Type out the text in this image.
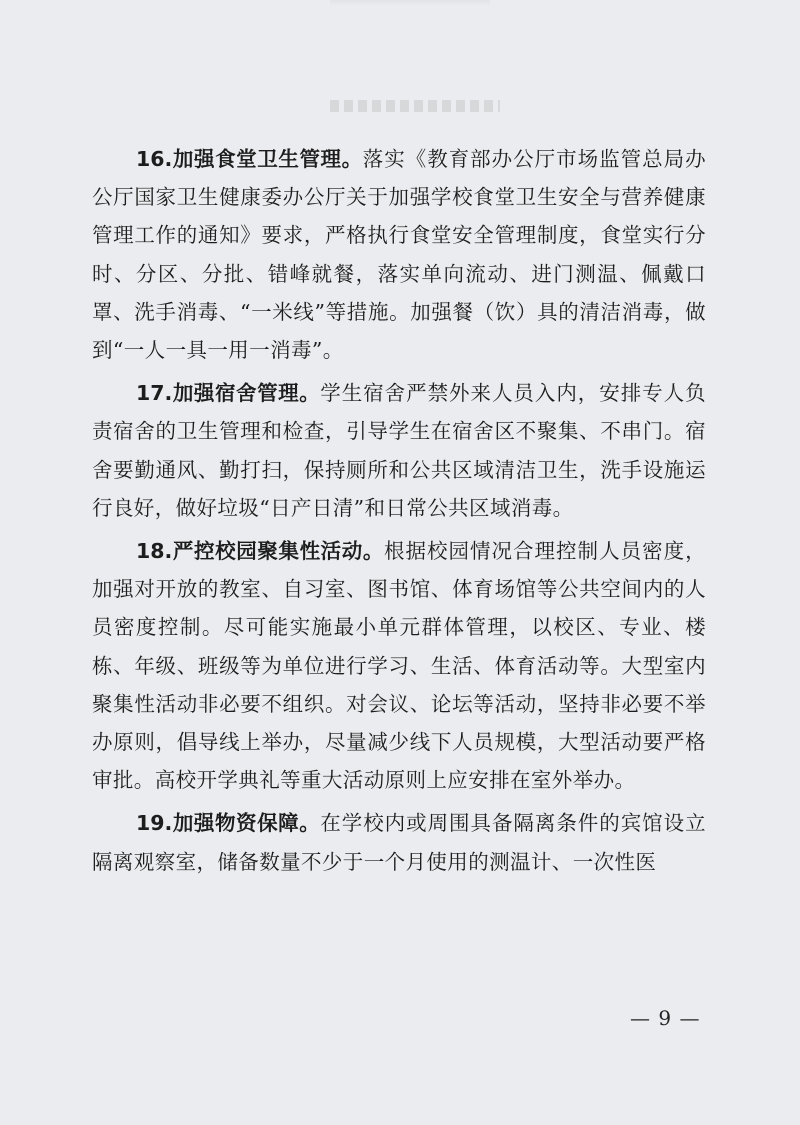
16.加强食堂卫生管理。落实《教育部办公厅市场监管总局办公厅国家卫生健康委办公厅关于加强学校食堂卫生安全与营养健康管理工作的通知》要求，严格执行食堂安全管理制度，食堂实行分时、分区、分批、错峰就餐，落实单向流动、进门测温、佩戴口罩、洗手消毒、“一米线”等措施。加强餐（饮）具的清洁消毒，做到“一人一具一用一消毒”。

17.加强宿舍管理。学生宿舍严禁外来人员入内，安排专人负责宿舍的卫生管理和检查，引导学生在宿舍区不聚集、不串门。宿舍要勤通风、勤打扫，保持厕所和公共区域清洁卫生，洗手设施运行良好，做好垃圾“日产日清”和日常公共区域消毒。

18.严控校园聚集性活动。根据校园情况合理控制人员密度，加强对开放的教室、自习室、图书馆、体育场馆等公共空间内的人员密度控制。尽可能实施最小单元群体管理，以校区、专业、楼栋、年级、班级等为单位进行学习、生活、体育活动等。大型室内聚集性活动非必要不组织。对会议、论坛等活动，坚持非必要不举办原则，倡导线上举办，尽量减少线下人员规模，大型活动要严格审批。高校开学典礼等重大活动原则上应安排在室外举办。

19.加强物资保障。在学校内或周围具备隔离条件的宾馆设立隔离观察室，储备数量不少于一个月使用的测温计、一次性医

— 9 —
